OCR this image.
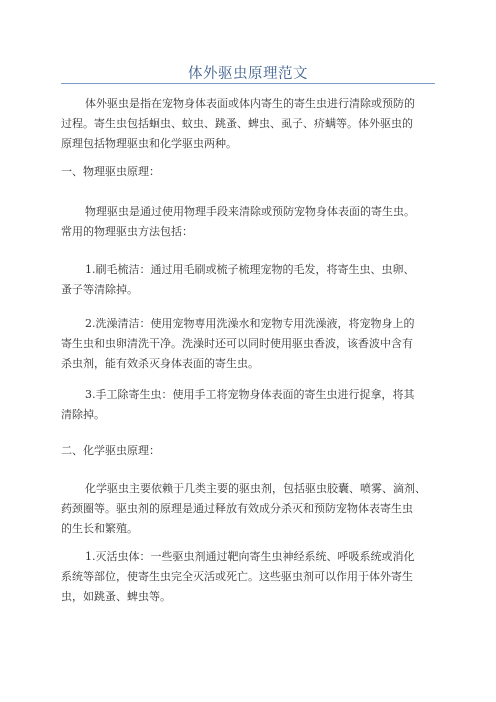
体外驱虫原理范文
体外驱虫是指在宠物身体表面或体内寄生的寄生虫进行清除或预防的
过程。寄生虫包括蛔虫、蚊虫、跳蚤、蜱虫、虱子、疥螨等。体外驱虫的
原理包括物理驱虫和化学驱虫两种。
一、物理驱虫原理：
物理驱虫是通过使用物理手段来清除或预防宠物身体表面的寄生虫。
常用的物理驱虫方法包括：
1.刷毛梳洁：通过用毛刷或梳子梳理宠物的毛发，将寄生虫、虫卵、
蚤子等清除掉。
2.洗澡清洁：使用宠物専用洗澡水和宠物专用洗澡液，将宠物身上的
寄生虫和虫卵清洗干净。洗澡时还可以同时使用驱虫香波，该香波中含有
杀虫剂，能有效杀灭身体表面的寄生虫。
3.手工除寄生虫：使用手工将宠物身体表面的寄生虫进行捉拿，将其
清除掉。
二、化学驱虫原理：
化学驱虫主要依赖于几类主要的驱虫剂，包括驱虫胶囊、喷雾、滴剂、
药颈圈等。驱虫剂的原理是通过释放有效成分杀灭和预防宠物体表寄生虫
的生长和繁殖。
1.灭活虫体：一些驱虫剂通过靶向寄生虫神经系统、呼吸系统或消化
系统等部位，使寄生虫完全灭活或死亡。这些驱虫剂可以作用于体外寄生
虫，如跳蚤、蜱虫等。
